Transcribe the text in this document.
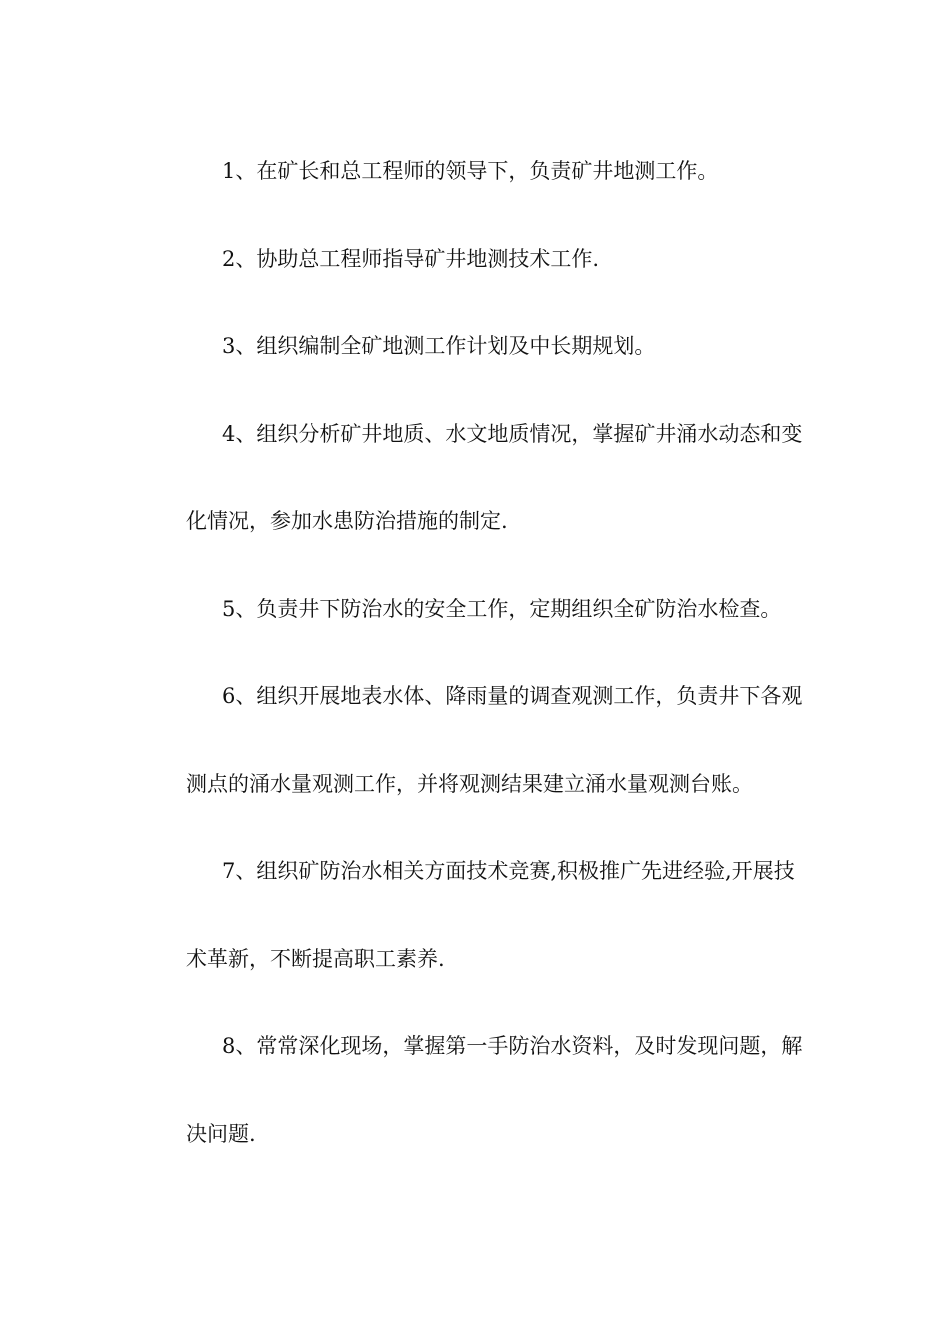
1、在矿长和总工程师的领导下，负责矿井地测工作。
2、协助总工程师指导矿井地测技术工作.
3、组织编制全矿地测工作计划及中长期规划。
4、组织分析矿井地质、水文地质情况，掌握矿井涌水动态和变
化情况，参加水患防治措施的制定.
5、负责井下防治水的安全工作，定期组织全矿防治水检查。
6、组织开展地表水体、降雨量的调查观测工作，负责井下各观
测点的涌水量观测工作，并将观测结果建立涌水量观测台账。
7、组织矿防治水相关方面技术竞赛,积极推广先进经验,开展技
术革新，不断提高职工素养.
8、常常深化现场，掌握第一手防治水资料，及时发现问题，解
决问题.
